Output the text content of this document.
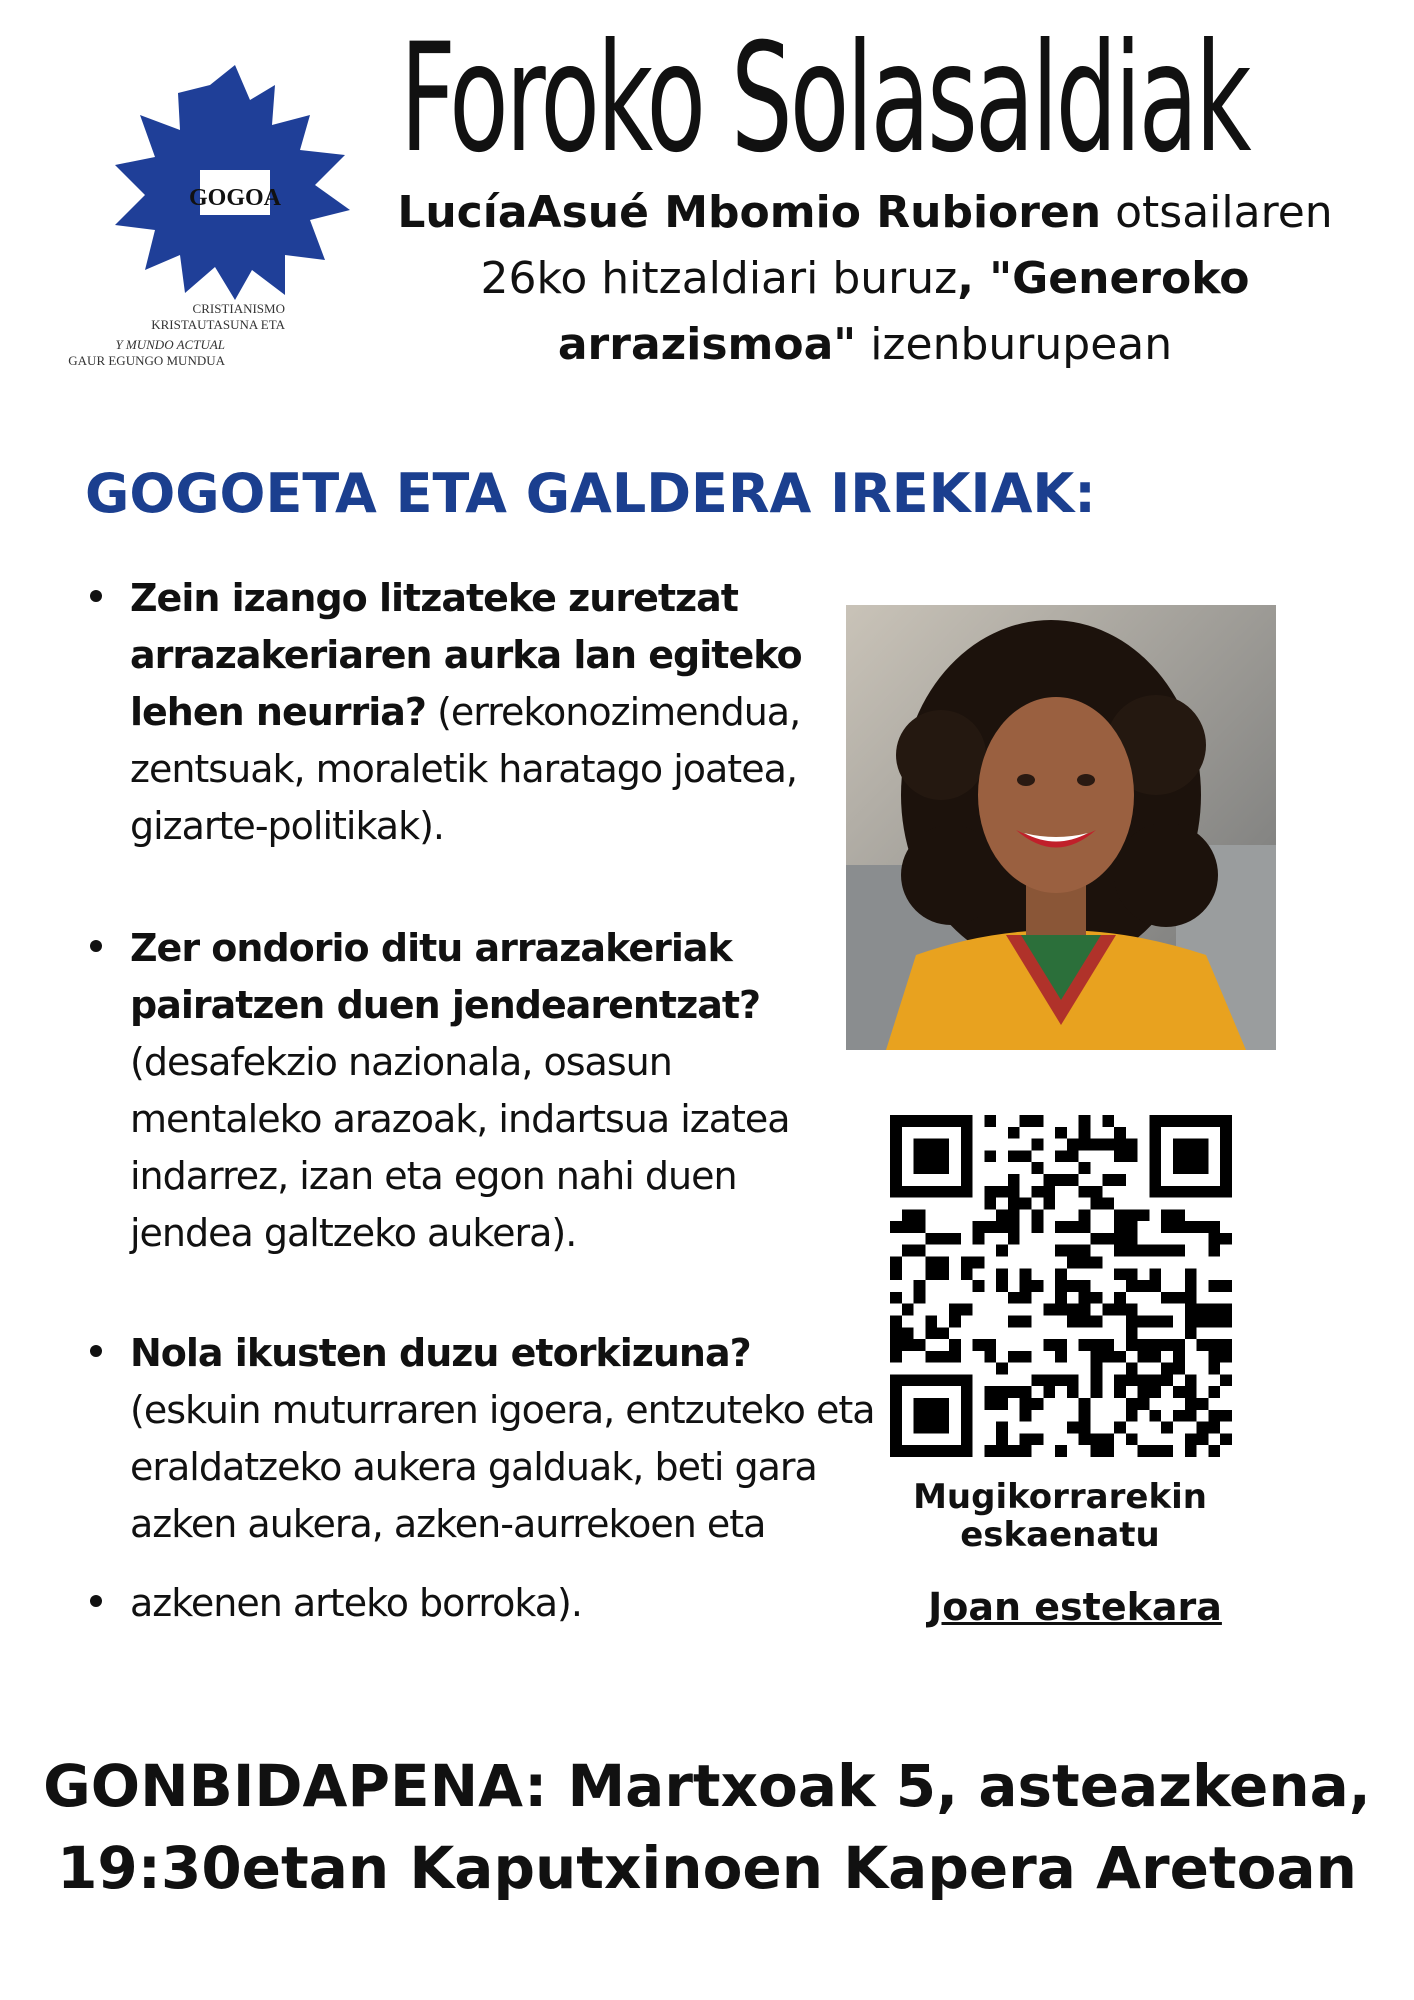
GOGOA
CRISTIANISMO
KRISTAUTASUNA ETA
Y MUNDO ACTUAL
GAUR EGUNGO MUNDUA
Foroko Solasaldiak
LucíaAsué Mbomio Rubioren otsailaren 26ko hitzaldiari buruz, "Generoko arrazismoa" izenburupean
GOGOETA ETA GALDERA IREKIAK:

Zein izango litzateke zuretzat arrazakeriaren aurka lan egiteko lehen neurria? (errekonozimendua, zentsuak, moraletik haratago joatea, gizarte-politikak).

Zer ondorio ditu arrazakeriak pairatzen duen jendearentzat? (desafekzio nazionala, osasun mentaleko arazoak, indartsua izatea indarrez, izan eta egon nahi duen jendea galtzeko aukera).

Nola ikusten duzu etorkizuna? (eskuin muturraren igoera, entzuteko eta eraldatzeko aukera galduak, beti gara azken aukera, azken-aurrekoen eta

azkenen arteko borroka).

Mugikorrarekin eskaenatu
Joan estekara
GONBIDAPENA: Martxoak 5, asteazkena,
19:30etan Kaputxinoen Kapera Aretoan
